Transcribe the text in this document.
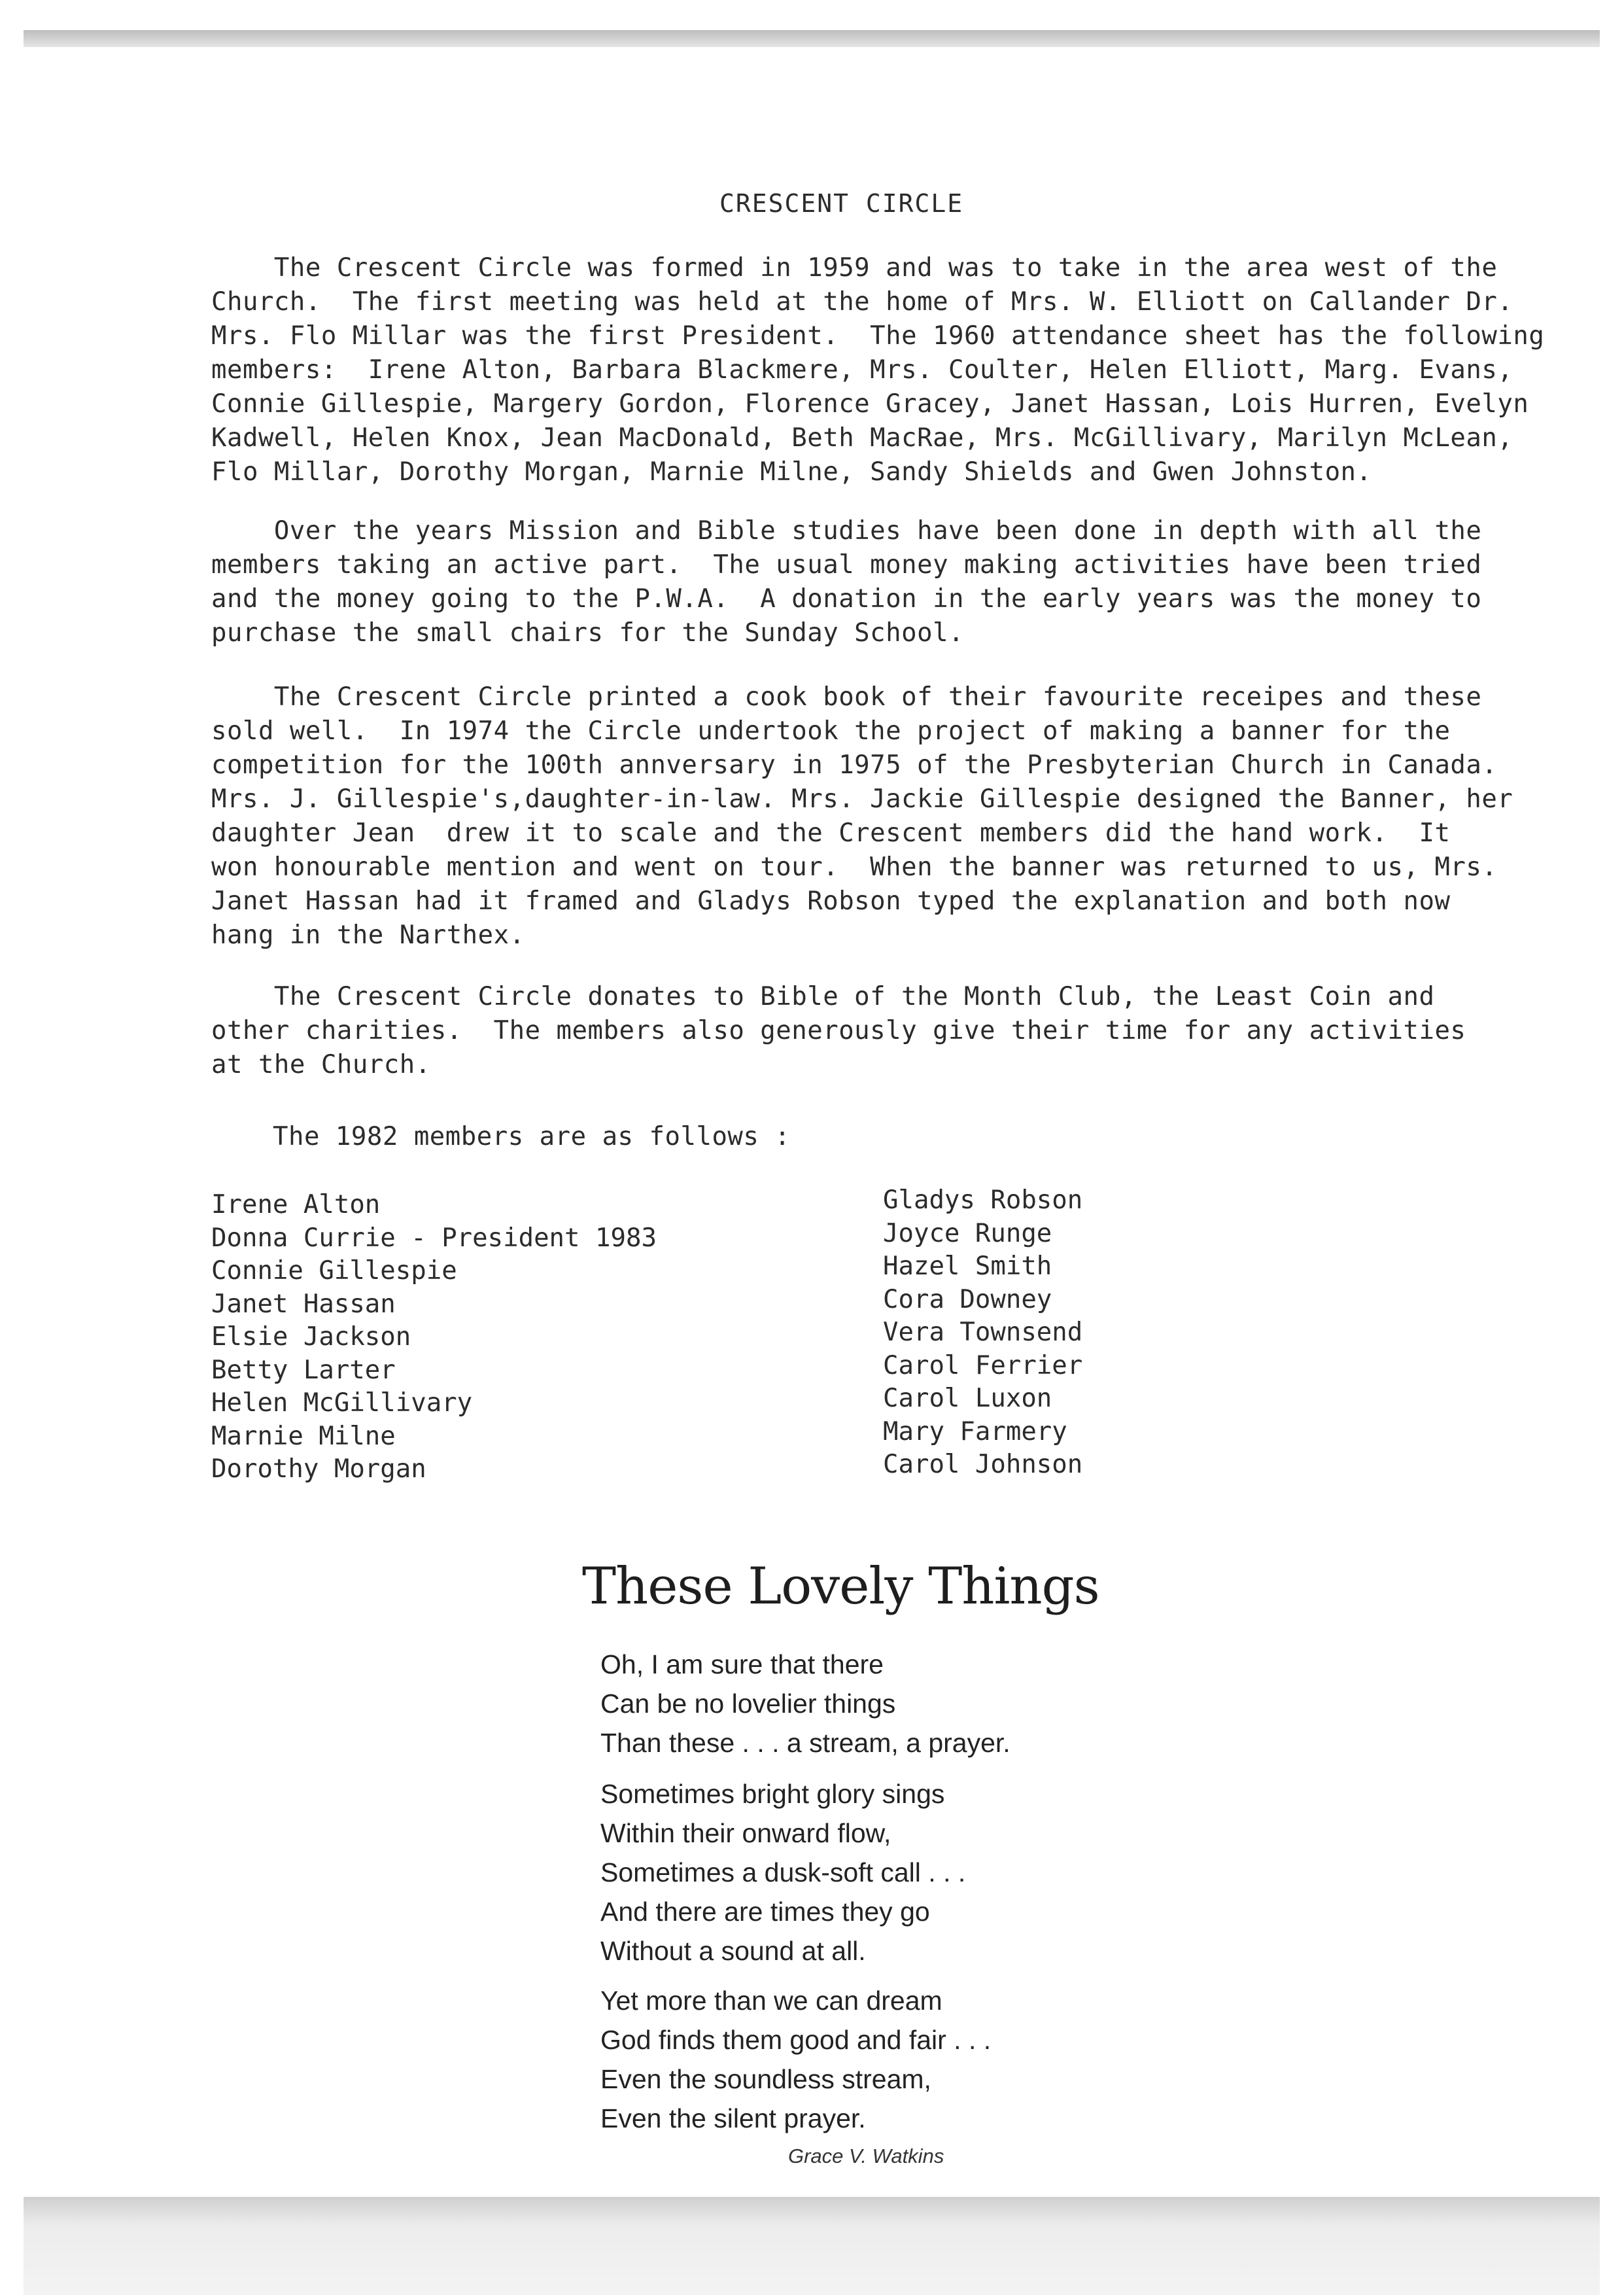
CRESCENT CIRCLE
The Crescent Circle was formed in 1959 and was to take in the area west of the
Church.  The first meeting was held at the home of Mrs. W. Elliott on Callander Dr.
Mrs. Flo Millar was the first President.  The 1960 attendance sheet has the following
members:  Irene Alton, Barbara Blackmere, Mrs. Coulter, Helen Elliott, Marg. Evans,
Connie Gillespie, Margery Gordon, Florence Gracey, Janet Hassan, Lois Hurren, Evelyn
Kadwell, Helen Knox, Jean MacDonald, Beth MacRae, Mrs. McGillivary, Marilyn McLean,
Flo Millar, Dorothy Morgan, Marnie Milne, Sandy Shields and Gwen Johnston.
Over the years Mission and Bible studies have been done in depth with all the
members taking an active part.  The usual money making activities have been tried
and the money going to the P.W.A.  A donation in the early years was the money to
purchase the small chairs for the Sunday School.
The Crescent Circle printed a cook book of their favourite receipes and these
sold well.  In 1974 the Circle undertook the project of making a banner for the
competition for the 100th annversary in 1975 of the Presbyterian Church in Canada.
Mrs. J. Gillespie's,daughter-in-law. Mrs. Jackie Gillespie designed the Banner, her
daughter Jean  drew it to scale and the Crescent members did the hand work.  It
won honourable mention and went on tour.  When the banner was returned to us, Mrs.
Janet Hassan had it framed and Gladys Robson typed the explanation and both now
hang in the Narthex.
The Crescent Circle donates to Bible of the Month Club, the Least Coin and
other charities.  The members also generously give their time for any activities
at the Church.
The 1982 members are as follows :
Irene Alton
Donna Currie - President 1983
Connie Gillespie
Janet Hassan
Elsie Jackson
Betty Larter
Helen McGillivary
Marnie Milne
Dorothy Morgan
Gladys Robson
Joyce Runge
Hazel Smith
Cora Downey
Vera Townsend
Carol Ferrier
Carol Luxon
Mary Farmery
Carol Johnson
These Lovely Things
Oh, I am sure that there
Can be no lovelier things
Than these . . . a stream, a prayer.
Sometimes bright glory sings
Within their onward flow,
Sometimes a dusk-soft call . . .
And there are times they go
Without a sound at all.
Yet more than we can dream
God finds them good and fair . . .
Even the soundless stream,
Even the silent prayer.
Grace V. Watkins
